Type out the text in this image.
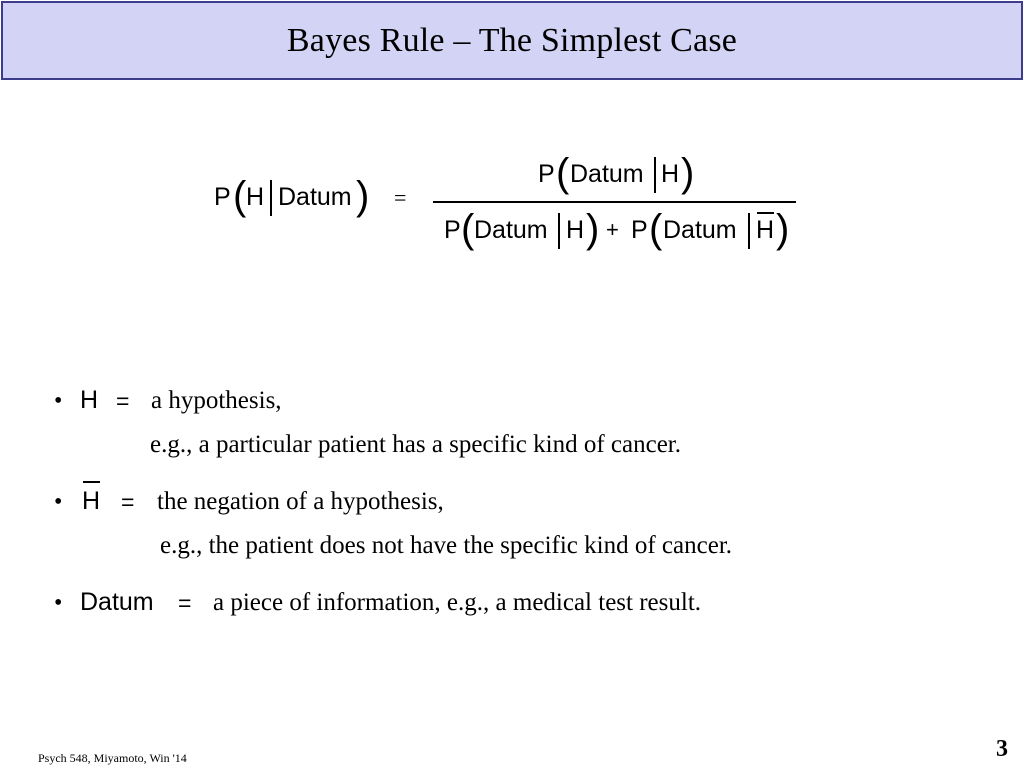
Bayes Rule – The Simplest Case
P ( H Datum ) =
P ( Datum H )
P ( Datum H ) + P ( Datum H )
• H = a hypothesis,
e.g., a particular patient has a specific kind of cancer.
• H = the negation of a hypothesis,
e.g., the patient does not have the specific kind of cancer.
• Datum = a piece of information, e.g., a medical test result.
Psych 548, Miyamoto, Win '14	3
